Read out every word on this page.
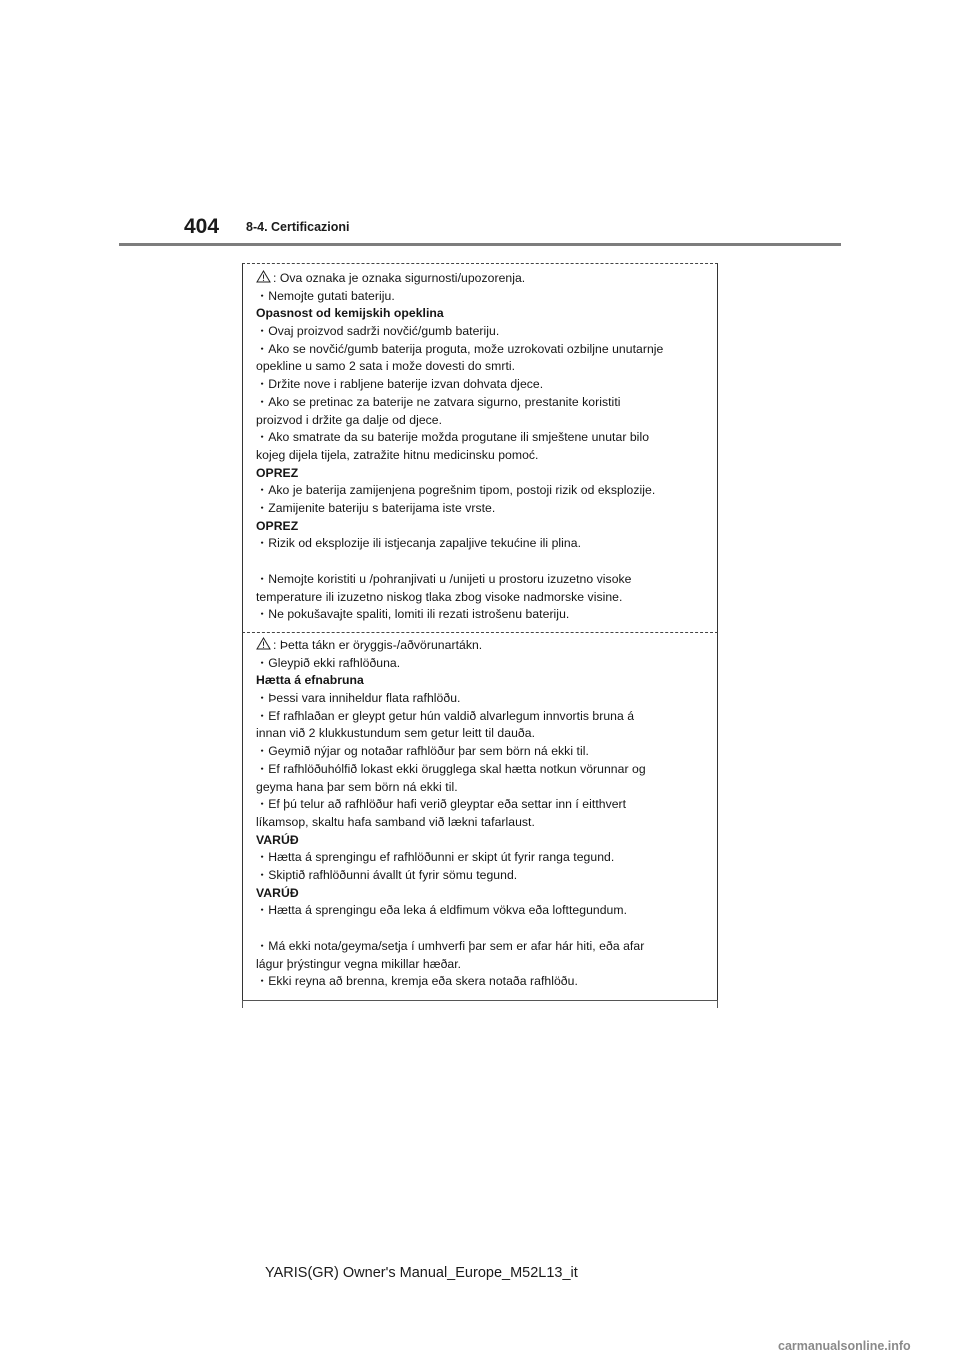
404 8-4. Certificazioni
: Ova oznaka je oznaka sigurnosti/upozorenja.
・Nemojte gutati bateriju.
Opasnost od kemijskih opeklina
・Ovaj proizvod sadrži novčić/gumb bateriju.
・Ako se novčić/gumb baterija proguta, može uzrokovati ozbiljne unutarnje
opekline u samo 2 sata i može dovesti do smrti.
・Držite nove i rabljene baterije izvan dohvata djece.
・Ako se pretinac za baterije ne zatvara sigurno, prestanite koristiti
proizvod i držite ga dalje od djece.
・Ako smatrate da su baterije možda progutane ili smještene unutar bilo
kojeg dijela tijela, zatražite hitnu medicinsku pomoć.
OPREZ
・Ako je baterija zamijenjena pogrešnim tipom, postoji rizik od eksplozije.
・Zamijenite bateriju s baterijama iste vrste.
OPREZ
・Rizik od eksplozije ili istjecanja zapaljive tekućine ili plina.
・Nemojte koristiti u /pohranjivati u /unijeti u prostoru izuzetno visoke
temperature ili izuzetno niskog tlaka zbog visoke nadmorske visine.
・Ne pokušavajte spaliti, lomiti ili rezati istrošenu bateriju.
: Þetta tákn er öryggis-/aðvörunartákn.
・Gleypið ekki rafhlöðuna.
Hætta á efnabruna
・Þessi vara inniheldur flata rafhlöðu.
・Ef rafhlaðan er gleypt getur hún valdið alvarlegum innvortis bruna á
innan við 2 klukkustundum sem getur leitt til dauða.
・Geymið nýjar og notaðar rafhlöður þar sem börn ná ekki til.
・Ef rafhlöðuhólfið lokast ekki örugglega skal hætta notkun vörunnar og
geyma hana þar sem börn ná ekki til.
・Ef þú telur að rafhlöður hafi verið gleyptar eða settar inn í eitthvert
líkamsop, skaltu hafa samband við lækni tafarlaust.
VARÚÐ
・Hætta á sprengingu ef rafhlöðunni er skipt út fyrir ranga tegund.
・Skiptið rafhlöðunni ávallt út fyrir sömu tegund.
VARÚÐ
・Hætta á sprengingu eða leka á eldfimum vökva eða lofttegundum.
・Má ekki nota/geyma/setja í umhverfi þar sem er afar hár hiti, eða afar
lágur þrýstingur vegna mikillar hæðar.
・Ekki reyna að brenna, kremja eða skera notaða rafhlöðu.
YARIS(GR) Owner's Manual_Europe_M52L13_it
carmanualsonline.info
